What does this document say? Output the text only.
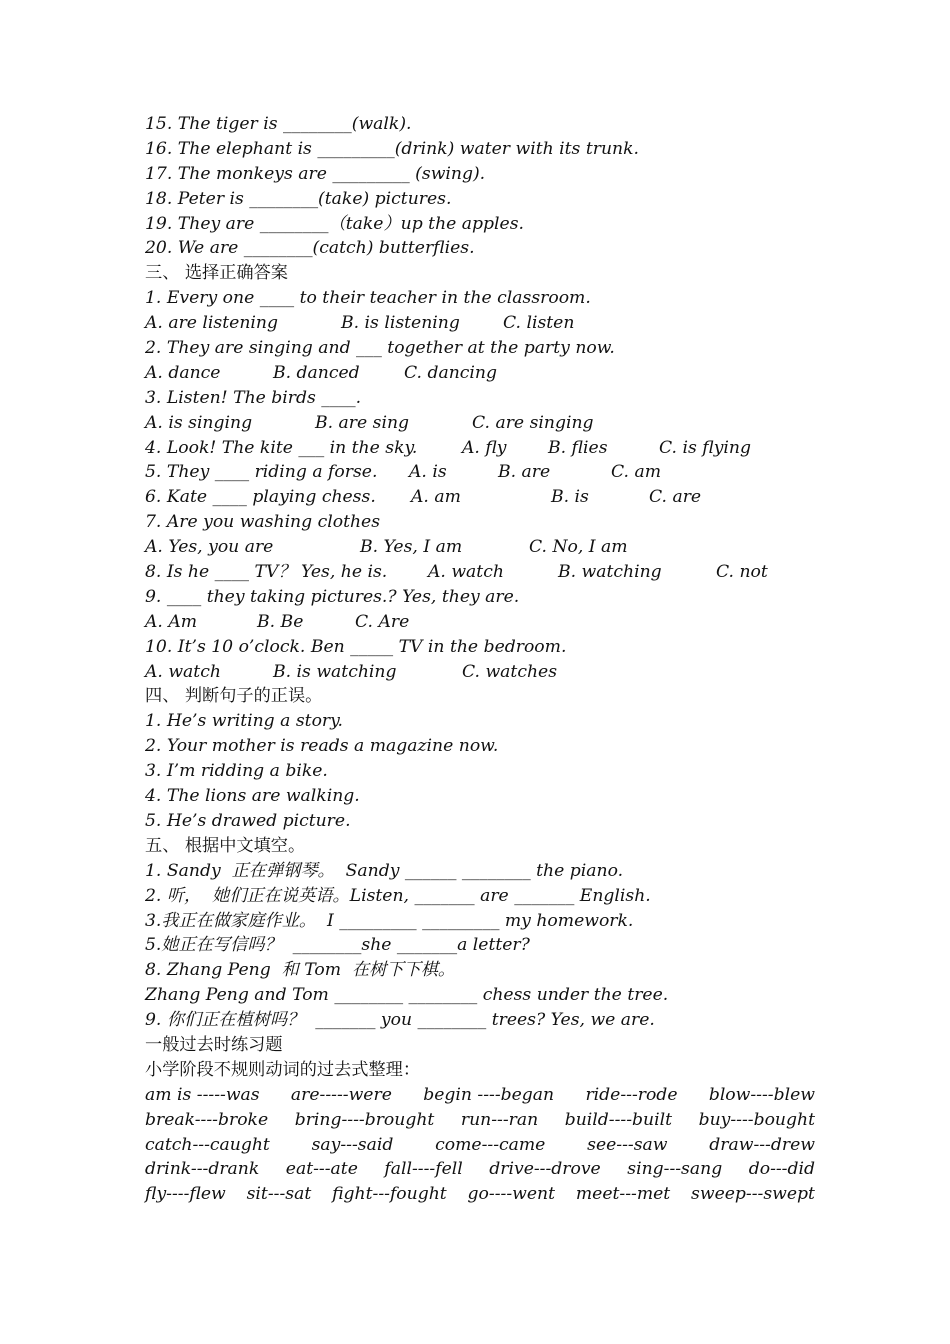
15. The tiger is ________(walk).
16. The elephant is _________(drink) water with its trunk.
17. The monkeys are _________ (swing).
18. Peter is ________(take) pictures.
19. They are ________（take）up the apples.
20. We are ________(catch) butterflies.
三、 选择正确答案
1. Every one ____ to their teacher in the classroom.
A. are listening	B. is listening	C. listen
2. They are singing and ___ together at the party now.
A. dance	B. danced	C. dancing
3. Listen! The birds ____.
A. is singing	B. are sing	C. are singing
4. Look! The kite ___ in the sky.	A. fly	B. flies	C. is flying
5. They ____ riding a forse.	A. is	B. are	C. am
6. Kate ____ playing chess.	A. am	B. is	C. are
7. Are you washing clothes
A. Yes, you are	B. Yes, I am	C. No, I am
8. Is he ____ TV？ Yes, he is.	A. watch	B. watching	C. not
9. ____ they taking pictures.? Yes, they are.
A. Am	B. Be	C. Are
10. It’s 10 o’clock. Ben _____ TV in the bedroom.
A. watch	B. is watching	C. watches
四、 判断句子的正误。
1. He’s writing a story.
2. Your mother is reads a magazine now.
3. I’m ridding a bike.
4. The lions are walking.
5. He’s drawed picture.
五、 根据中文填空。
1. Sandy  正在弹钢琴。  Sandy ______ ________ the piano.
2. 听，  她们正在说英语。Listen, _______ are _______ English.
3.我正在做家庭作业。  I _________ _________ my homework.
5.她正在写信吗？  ________she _______a letter?
8. Zhang Peng  和 Tom  在树下下棋。
Zhang Peng and Tom ________ ________ chess under the tree.
9. 你们正在植树吗？  _______ you ________ trees? Yes, we are.
一般过去时练习题
小学阶段不规则动词的过去式整理：
am is -----was are-----were begin ----began ride---rode blow----blew
break----broke bring----brought run---ran build----built buy----bought
catch---caught say---said come---came see---saw draw---drew
drink---drank eat---ate fall----fell drive---drove sing---sang do---did
fly----flew sit---sat fight---fought go----went meet---met sweep---swept
